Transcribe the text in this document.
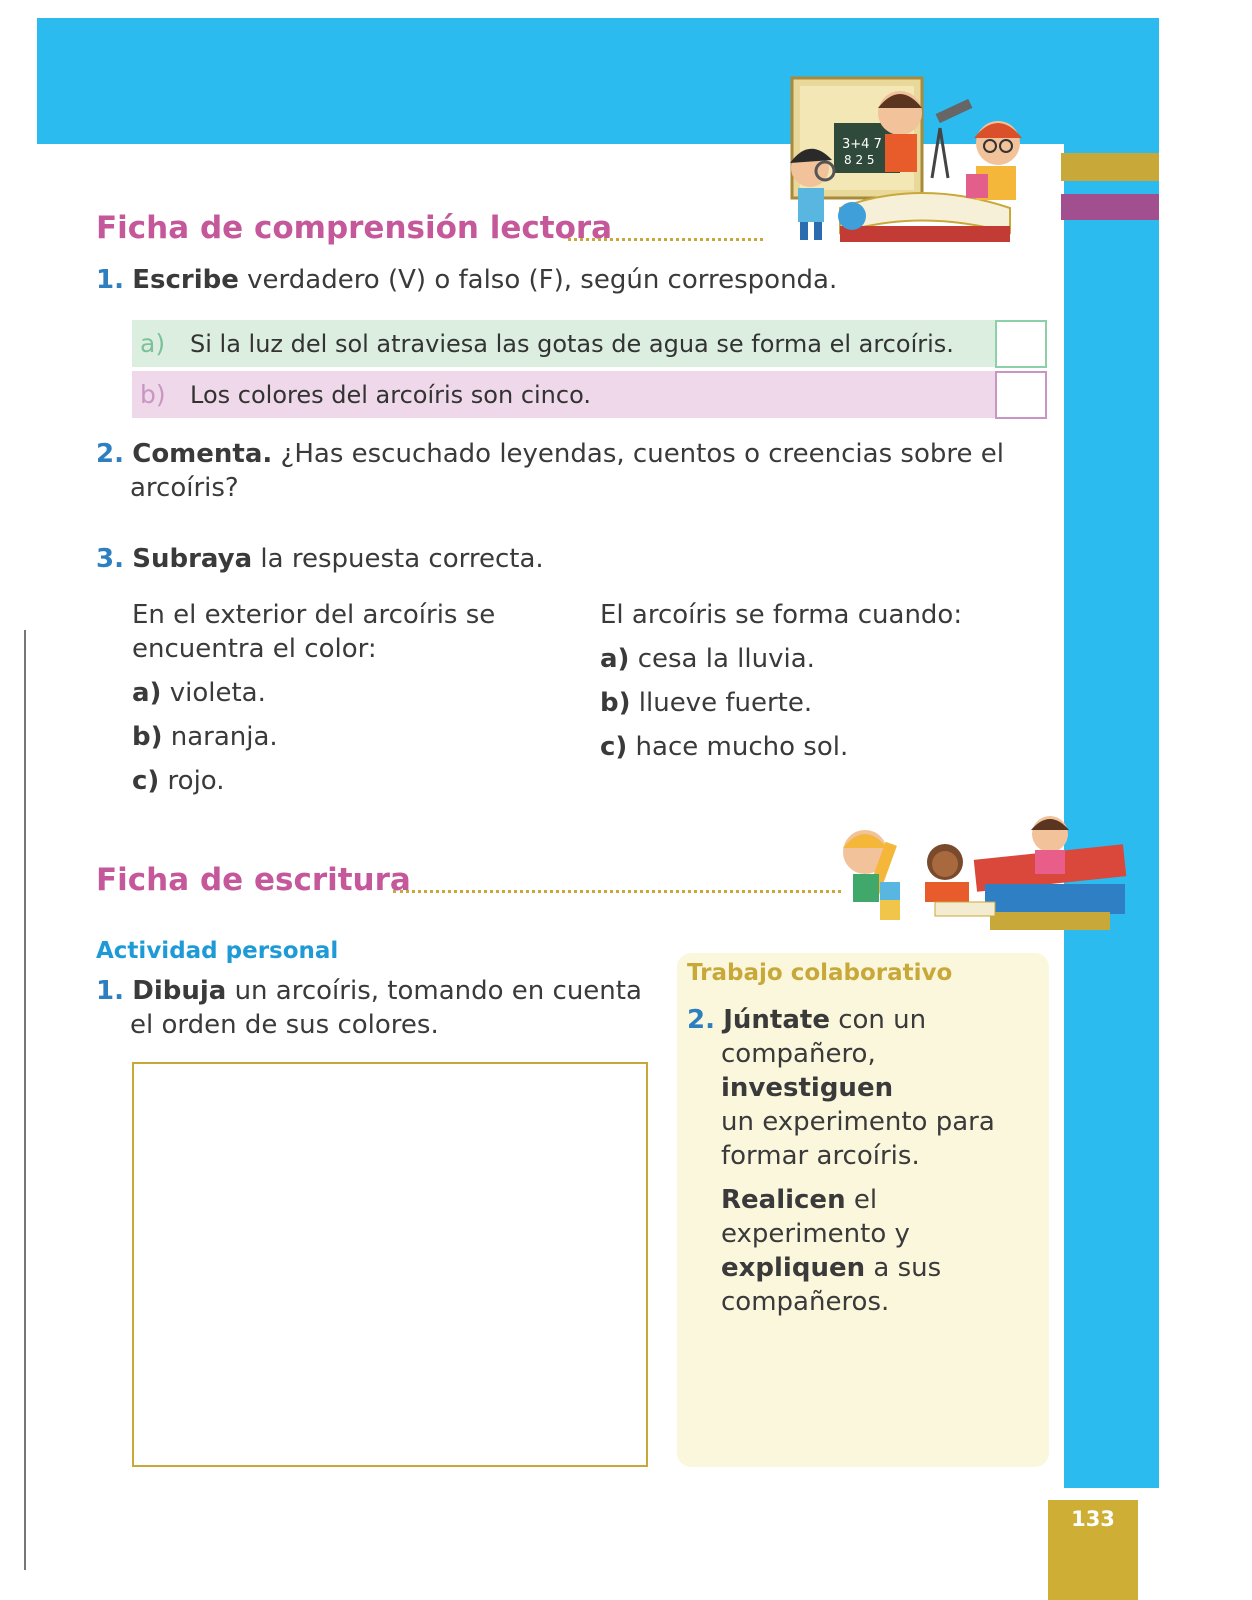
3+4 7
8 2 5
Ficha de comprensión lectora
1. Escribe verdadero (V) o falso (F), según corresponda.
a)	Si la luz del sol atraviesa las gotas de agua se forma el arcoíris.
b)	Los colores del arcoíris son cinco.
2. Comenta. ¿Has escuchado leyendas, cuentos o creencias sobre el
arcoíris?
3. Subraya la respuesta correcta.
En el exterior del arcoíris se
encuentra el color:
a) violeta.
b) naranja.
c) rojo.
El arcoíris se forma cuando:
a) cesa la lluvia.
b) llueve fuerte.
c) hace mucho sol.
Ficha de escritura
Actividad personal
1. Dibuja un arcoíris, tomando en cuenta
el orden de sus colores.
Trabajo colaborativo
2. Júntate con un
compañero, investiguen
un experimento para
formar arcoíris.
Realicen el
experimento y
expliquen a sus
compañeros.
133
